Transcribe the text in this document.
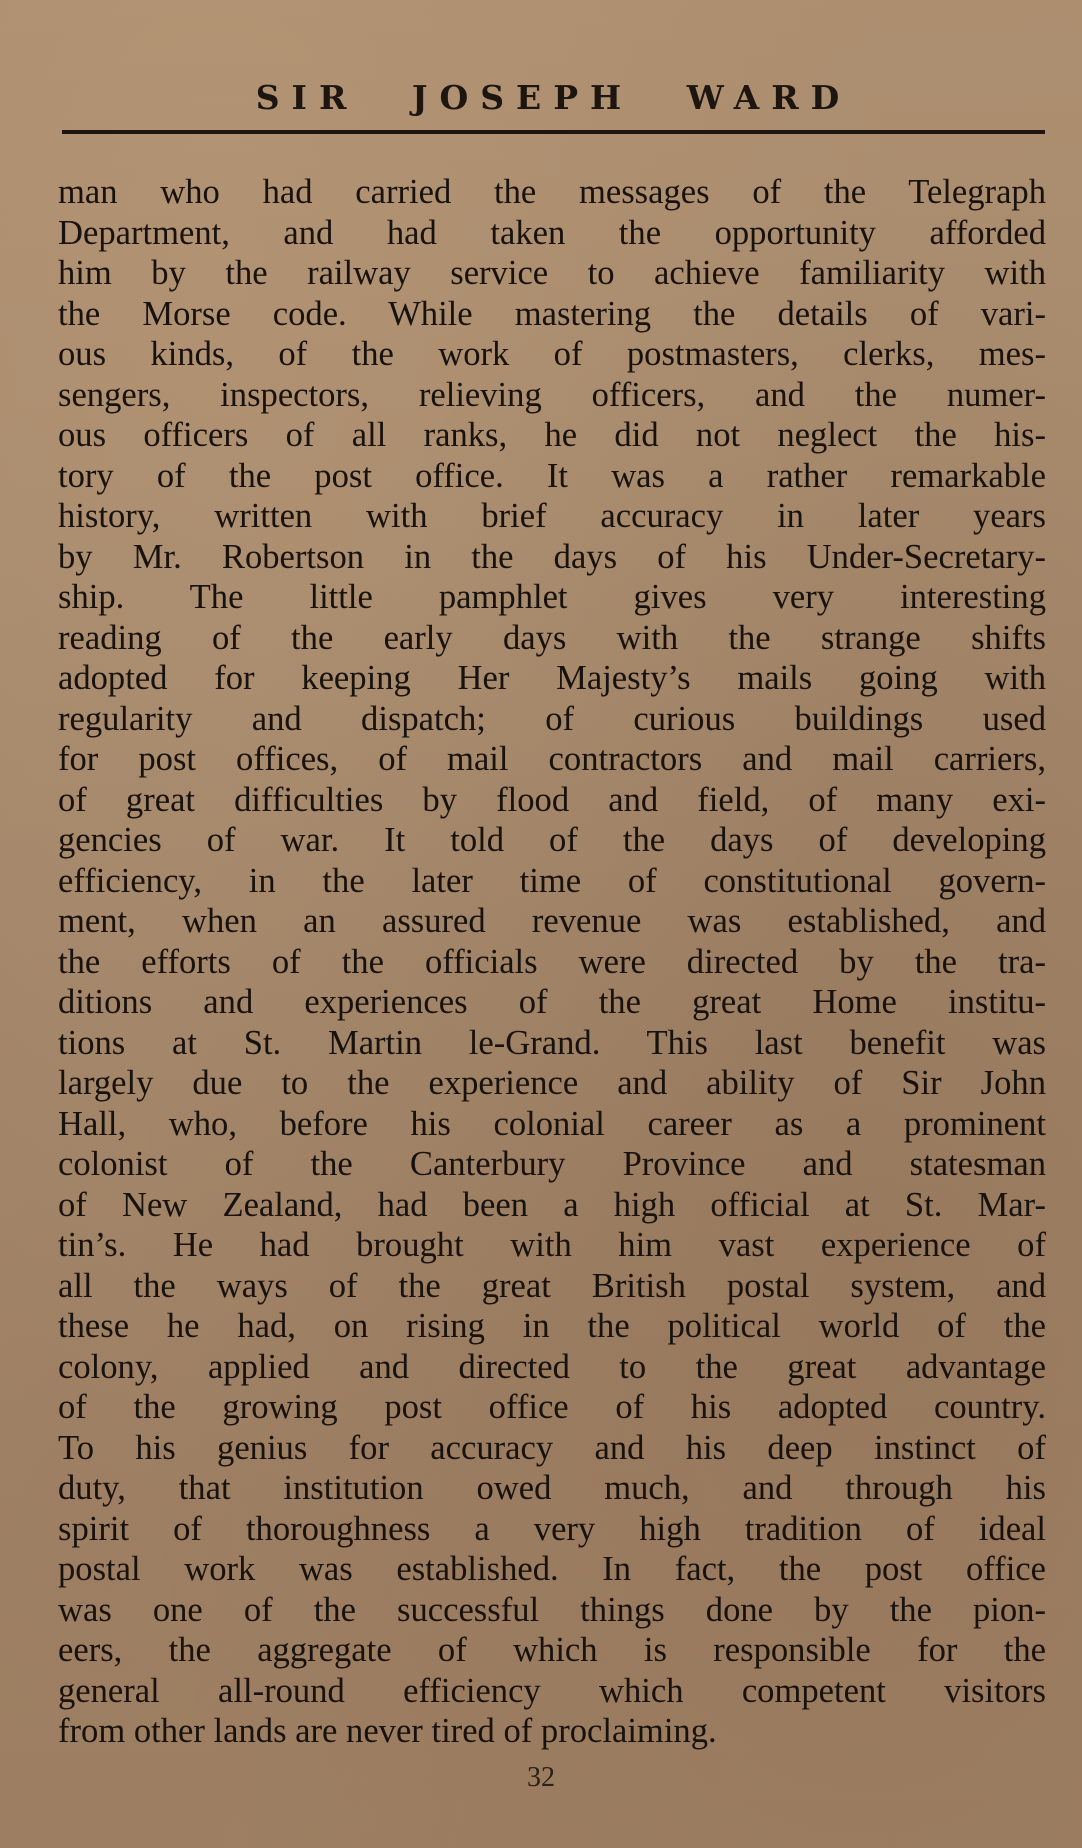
SIR JOSEPH WARD
man who had carried the messages of the Telegraph
Department, and had taken the opportunity afforded
him by the railway service to achieve familiarity with
the Morse code. While mastering the details of vari-
ous kinds, of the work of postmasters, clerks, mes-
sengers, inspectors, relieving officers, and the numer-
ous officers of all ranks, he did not neglect the his-
tory of the post office. It was a rather remarkable
history, written with brief accuracy in later years
by Mr. Robertson in the days of his Under-Secretary-
ship. The little pamphlet gives very interesting
reading of the early days with the strange shifts
adopted for keeping Her Majesty’s mails going with
regularity and dispatch; of curious buildings used
for post offices, of mail contractors and mail carriers,
of great difficulties by flood and field, of many exi-
gencies of war. It told of the days of developing
efficiency, in the later time of constitutional govern-
ment, when an assured revenue was established, and
the efforts of the officials were directed by the tra-
ditions and experiences of the great Home institu-
tions at St. Martin le-Grand. This last benefit was
largely due to the experience and ability of Sir John
Hall, who, before his colonial career as a prominent
colonist of the Canterbury Province and statesman
of New Zealand, had been a high official at St. Mar-
tin’s. He had brought with him vast experience of
all the ways of the great British postal system, and
these he had, on rising in the political world of the
colony, applied and directed to the great advantage
of the growing post office of his adopted country.
To his genius for accuracy and his deep instinct of
duty, that institution owed much, and through his
spirit of thoroughness a very high tradition of ideal
postal work was established. In fact, the post office
was one of the successful things done by the pion-
eers, the aggregate of which is responsible for the
general all-round efficiency which competent visitors
from other lands are never tired of proclaiming.
32
